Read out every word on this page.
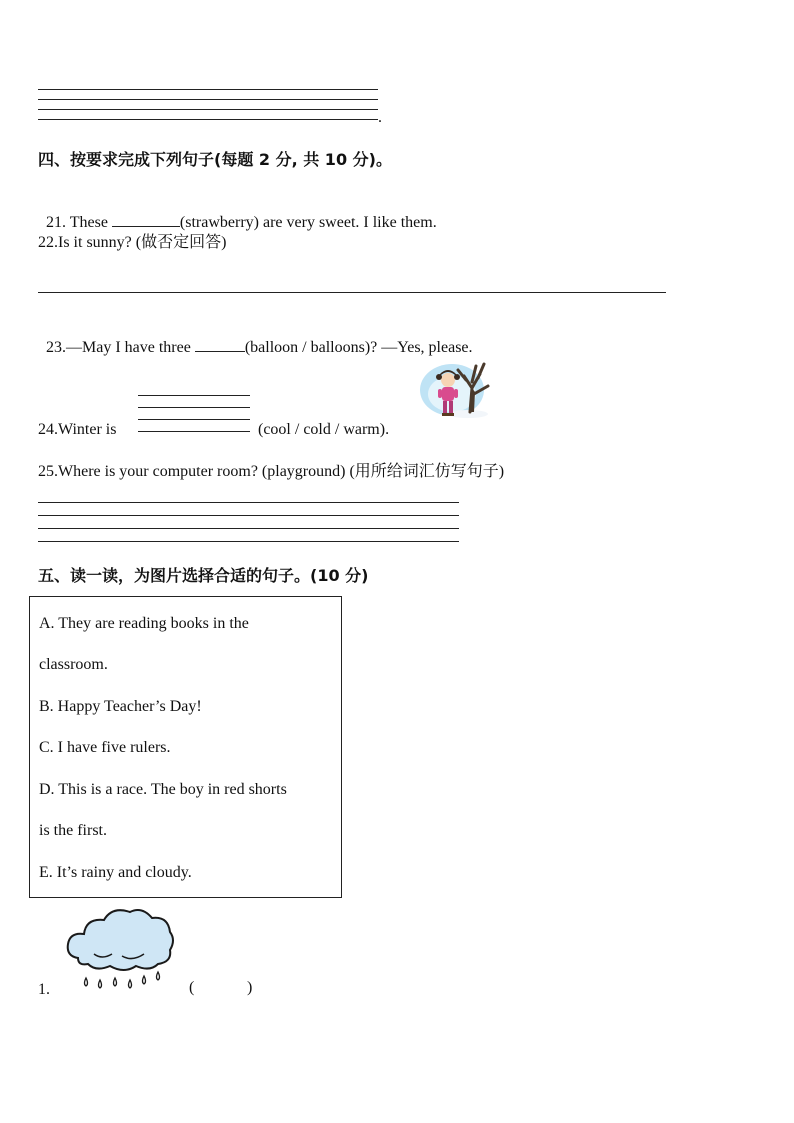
.
四、按要求完成下列句子(每题 2 分, 共 10 分)。

21. These	(strawberry) are very sweet. I like them.

22.Is it sunny? (做否定回答)

23.—May I have three	(balloon / balloons)? —Yes, please.

24.Winter is	(cool / cold / warm).
25.Where is your computer room? (playground) (用所给词汇仿写句子)
五、读一读，为图片选择合适的句子。(10 分)
A. They are reading books in the
classroom.
B. Happy Teacher’s Day!
C. I have five rulers.
D. This is a race. The boy in red shorts
is the first.
E. It’s rainy and cloudy.
1.	(	)
